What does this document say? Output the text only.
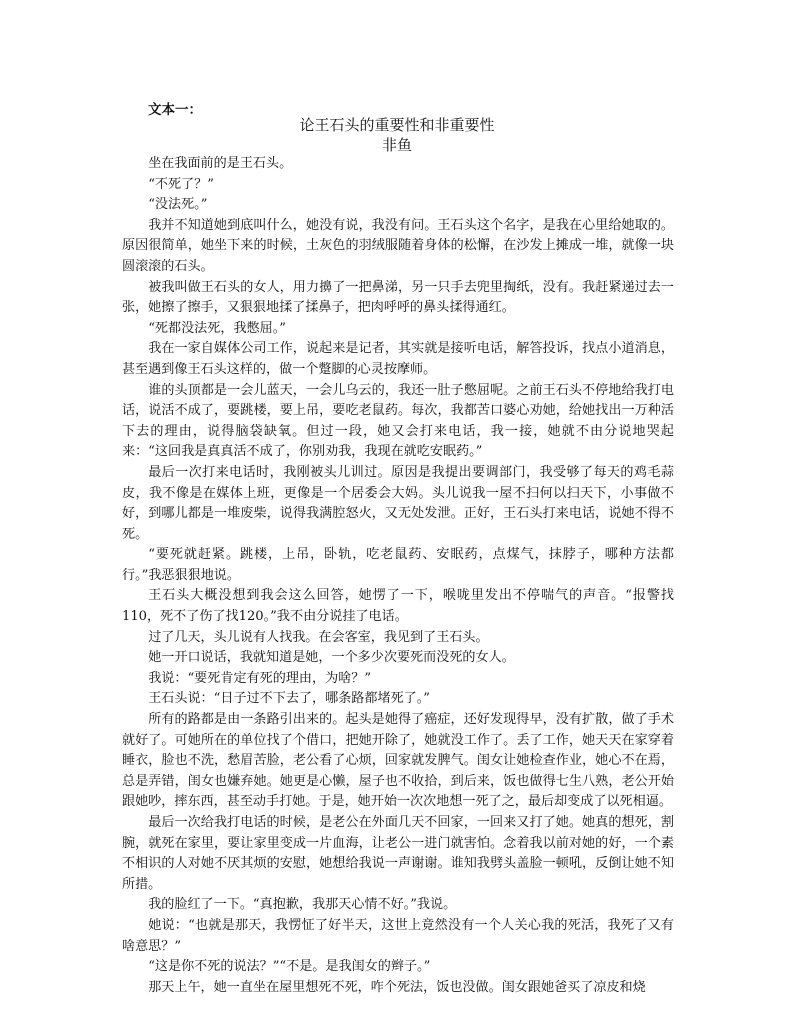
文本一：

论王石头的重要性和非重要性

非鱼

坐在我面前的是王石头。

“不死了？”

“没法死。”

我并不知道她到底叫什么，她没有说，我没有问。王石头这个名字，是我在心里给她取的。原因很简单，她坐下来的时候，土灰色的羽绒服随着身体的松懈，在沙发上摊成一堆，就像一块圆滚滚的石头。

被我叫做王石头的女人，用力擤了一把鼻涕，另一只手去兜里掏纸，没有。我赶紧递过去一张，她擦了擦手，又狠狠地揉了揉鼻子，把肉呼呼的鼻头揉得通红。

“死都没法死，我憋屈。”

我在一家自媒体公司工作，说起来是记者，其实就是接听电话，解答投诉，找点小道消息，甚至遇到像王石头这样的，做一个蹩脚的心灵按摩师。

谁的头顶都是一会儿蓝天，一会儿乌云的，我还一肚子憋屈呢。之前王石头不停地给我打电话，说活不成了，要跳楼，要上吊，要吃老鼠药。每次，我都苦口婆心劝她，给她找出一万种活下去的理由，说得脑袋缺氧。但过一段，她又会打来电话，我一接，她就不由分说地哭起来：“这回我是真真活不成了，你别劝我，我现在就吃安眠药。”

最后一次打来电话时，我刚被头儿训过。原因是我提出要调部门，我受够了每天的鸡毛蒜皮，我不像是在媒体上班，更像是一个居委会大妈。头儿说我一屋不扫何以扫天下，小事做不好，到哪儿都是一堆废柴，说得我满腔怒火，又无处发泄。正好，王石头打来电话，说她不得不死。

“要死就赶紧。跳楼，上吊，卧轨，吃老鼠药、安眠药，点煤气，抹脖子，哪种方法都行。”我恶狠狠地说。

王石头大概没想到我会这么回答，她愣了一下，喉咙里发出不停喘气的声音。“报警找110，死不了伤了找120。”我不由分说挂了电话。

过了几天，头儿说有人找我。在会客室，我见到了王石头。

她一开口说话，我就知道是她，一个多少次要死而没死的女人。

我说：“要死肯定有死的理由，为啥？”

王石头说：“日子过不下去了，哪条路都堵死了。”

所有的路都是由一条路引出来的。起头是她得了癌症，还好发现得早，没有扩散，做了手术就好了。可她所在的单位找了个借口，把她开除了，她就没工作了。丢了工作，她天天在家穿着睡衣，脸也不洗，愁眉苦脸，老公看了心烦，回家就发脾气。闺女让她检查作业，她心不在焉，总是弄错，闺女也嫌弃她。她更是心懒，屋子也不收拾，到后来，饭也做得七生八熟，老公开始跟她吵，摔东西，甚至动手打她。于是，她开始一次次地想一死了之，最后却变成了以死相逼。

最后一次给我打电话的时候，是老公在外面几天不回家，一回来又打了她。她真的想死，割腕，就死在家里，要让家里变成一片血海，让老公一进门就害怕。念着我以前对她的好，一个素不相识的人对她不厌其烦的安慰，她想给我说一声谢谢。谁知我劈头盖脸一顿吼，反倒让她不知所措。

我的脸红了一下。“真抱歉，我那天心情不好。”我说。

她说：“也就是那天，我愣怔了好半天，这世上竟然没有一个人关心我的死活，我死了又有啥意思？”

“这是你不死的说法？”“不是。是我闺女的辫子。”

那天上午，她一直坐在屋里想死不死，咋个死法，饭也没做。闺女跟她爸买了凉皮和烧
